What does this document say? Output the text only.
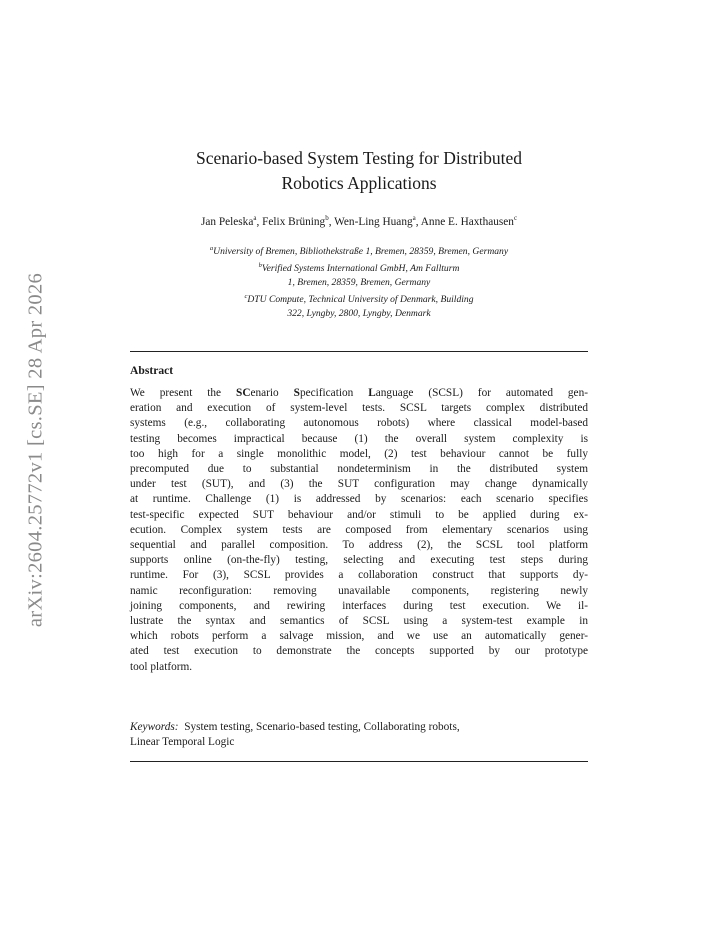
arXiv:2604.25772v1 [cs.SE] 28 Apr 2026
Scenario-based System Testing for Distributed
Robotics Applications

Jan Peleska$^a$, Felix Brüning$^b$, Wen-Ling Huang$^a$, Anne E. Haxthausen$^c$

$^a$University of Bremen, Bibliothekstraße 1, Bremen, 28359, Bremen, Germany
$^b$Verified Systems International GmbH, Am Fallturm
1, Bremen, 28359, Bremen, Germany
$^c$DTU Compute, Technical University of Denmark, Building
322, Lyngby, 2800, Lyngby, Denmark
Abstract
We present the SCenario Specification Language (SCSL) for automated gen-
eration and execution of system-level tests. SCSL targets complex distributed
systems (e.g., collaborating autonomous robots) where classical model-based
testing becomes impractical because (1) the overall system complexity is
too high for a single monolithic model, (2) test behaviour cannot be fully
precomputed due to substantial nondeterminism in the distributed system
under test (SUT), and (3) the SUT configuration may change dynamically
at runtime. Challenge (1) is addressed by scenarios: each scenario specifies
test-specific expected SUT behaviour and/or stimuli to be applied during ex-
ecution. Complex system tests are composed from elementary scenarios using
sequential and parallel composition. To address (2), the SCSL tool platform
supports online (on-the-fly) testing, selecting and executing test steps during
runtime. For (3), SCSL provides a collaboration construct that supports dy-
namic reconfiguration: removing unavailable components, registering newly
joining components, and rewiring interfaces during test execution. We il-
lustrate the syntax and semantics of SCSL using a system-test example in
which robots perform a salvage mission, and we use an automatically gener-
ated test execution to demonstrate the concepts supported by our prototype
tool platform.
Keywords: System testing, Scenario-based testing, Collaborating robots,
Linear Temporal Logic
